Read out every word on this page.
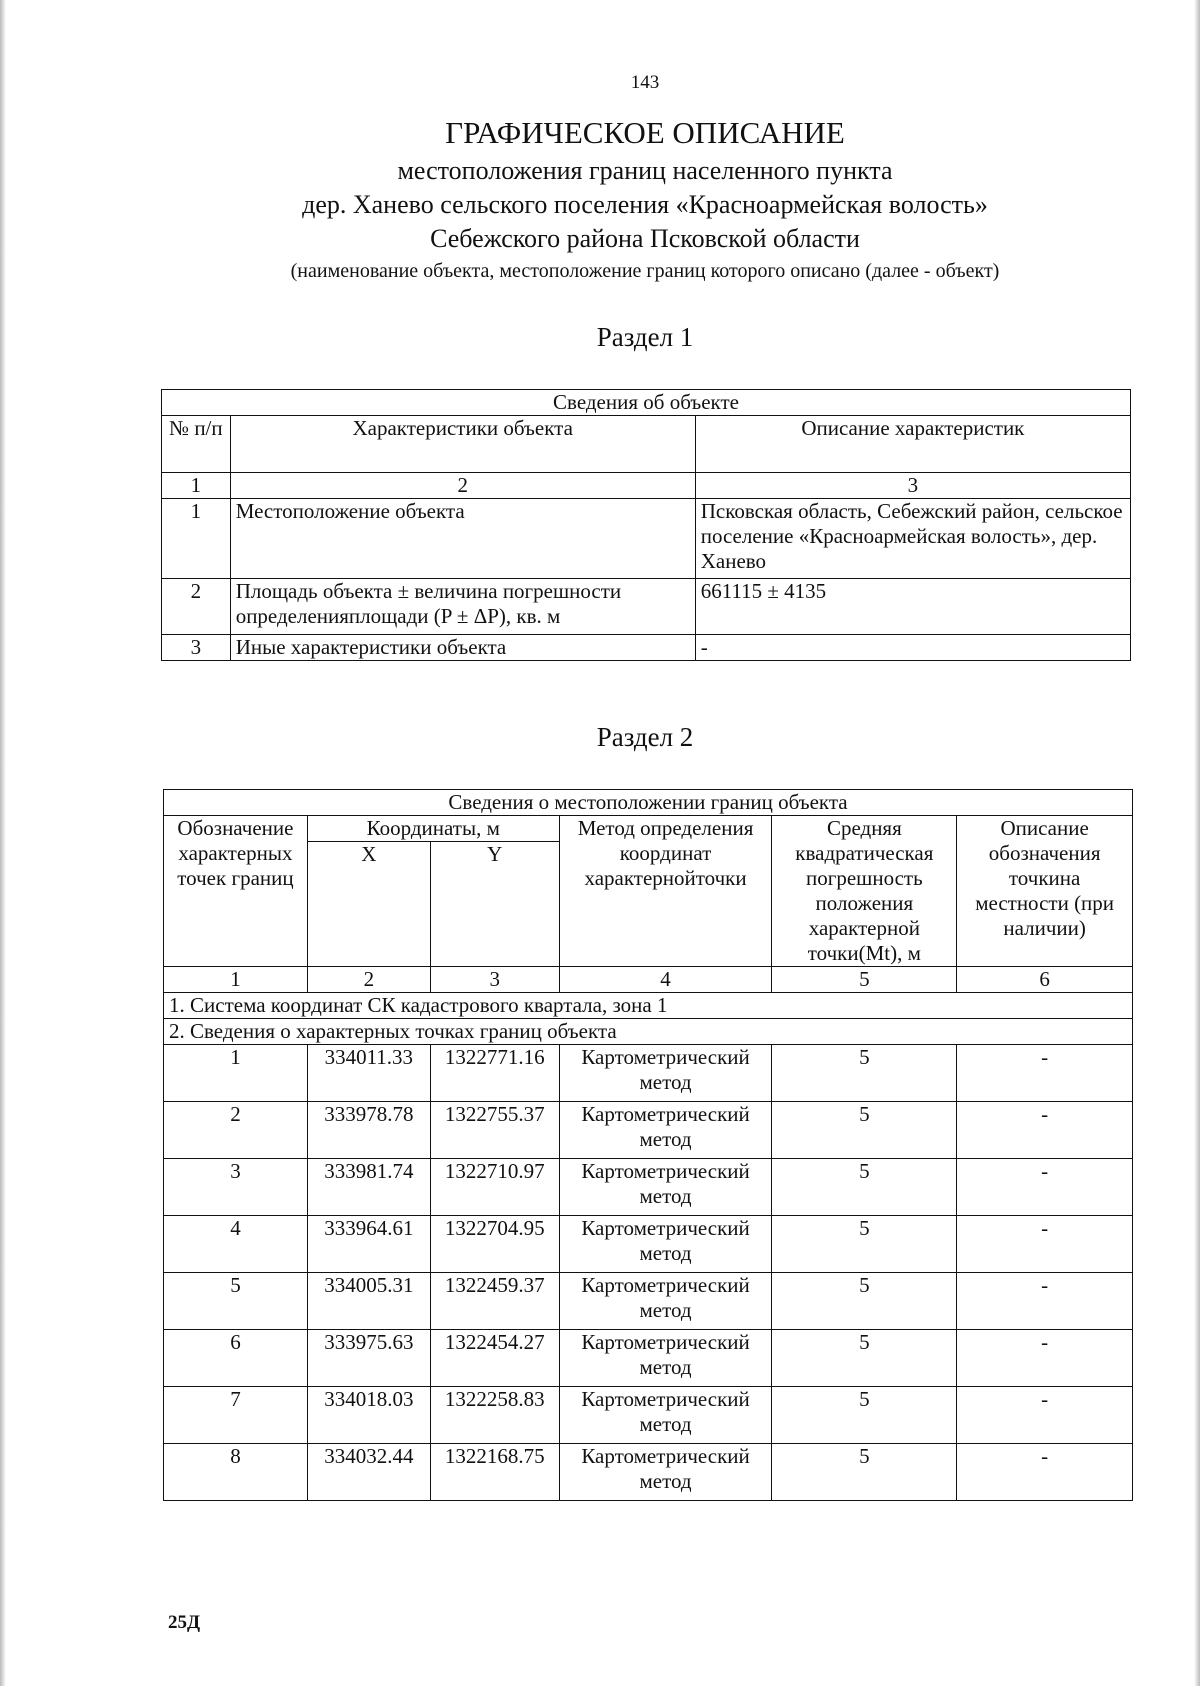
143
ГРАФИЧЕСКОЕ ОПИСАНИЕ
местоположения границ населенного пункта
дер. Ханево сельского поселения «Красноармейская волость»
Себежского района Псковской области
(наименование объекта, местоположение границ которого описано (далее - объект)
Раздел 1
Сведения об объекте		
№ п/п	Характеристики объекта	Описание характеристик
1	2	3
1	Местоположение объекта	Псковская область, Себежский район, сельское поселение «Красноармейская волость», дер. Ханево
2	Площадь объекта ± величина погрешности определенияплощади (P ± ΔP), кв. м	661115 ± 4135
3	Иные характеристики объекта	-
Раздел 2
Сведения о местоположении границ объекта					
Обозначение характерных точек границ	Координаты, м		Метод определения координат характернойточки	Средняя квадратическая погрешность положения характерной точки(Mt), м	Описание обозначения точкина местности (при наличии)
	X	Y			
1	2	3	4	5	6
1. Система координат СК кадастрового квартала, зона 1					
2. Сведения о характерных точках границ объекта					
1	334011.33	1322771.16	Картометрический метод	5	-
2	333978.78	1322755.37	Картометрический метод	5	-
3	333981.74	1322710.97	Картометрический метод	5	-
4	333964.61	1322704.95	Картометрический метод	5	-
5	334005.31	1322459.37	Картометрический метод	5	-
6	333975.63	1322454.27	Картометрический метод	5	-
7	334018.03	1322258.83	Картометрический метод	5	-
8	334032.44	1322168.75	Картометрический метод	5	-
25Д
